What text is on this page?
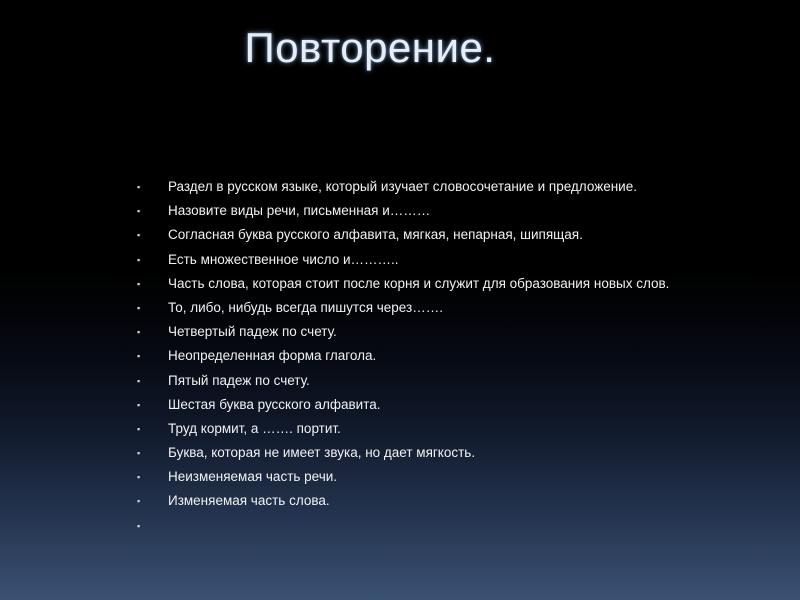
Повторение.
▪	Раздел в русском языке, который изучает словосочетание и предложение.
▪	Назовите виды речи, письменная и………
▪	Согласная буква русского алфавита, мягкая, непарная, шипящая.
▪	Есть множественное число и………..
▪	Часть слова, которая стоит после корня и служит для образования новых слов.
▪	То, либо, нибудь всегда пишутся через…….
▪	Четвертый падеж по счету.
▪	Неопределенная форма глагола.
▪	Пятый падеж по счету.
▪	Шестая буква русского алфавита.
▪	Труд кормит, а ……. портит.
▪	Буква, которая не имеет звука, но дает мягкость.
▪	Неизменяемая часть речи.
▪	Изменяемая часть слова.
▪
